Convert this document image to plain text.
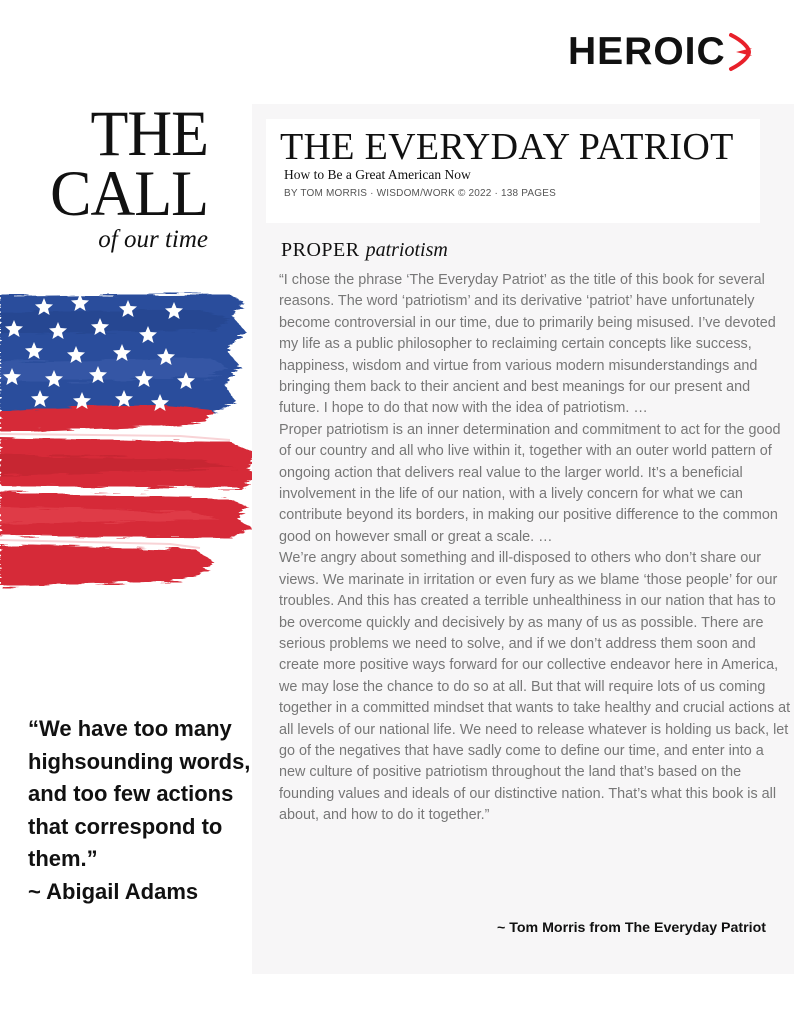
HEROIC
THE
CALL
of our time
THE EVERYDAY PATRIOT
How to Be a Great American Now
BY TOM MORRIS · WISDOM/WORK © 2022 · 138 PAGES
PROPER patriotism

“I chose the phrase ‘The Everyday Patriot’ as the title of this book for several reasons. The word ‘patriotism’ and its derivative ‘patriot’ have unfortunately become controversial in our time, due to primarily being misused. I’ve devoted my life as a public philosopher to reclaiming certain concepts like success, happiness, wisdom and virtue from various modern misunderstandings and bringing them back to their ancient and best meanings for our present and future. I hope to do that now with the idea of patriotism. …

Proper patriotism is an inner determination and commitment to act for the good of our country and all who live within it, together with an outer world pattern of ongoing action that delivers real value to the larger world. It’s a beneficial involvement in the life of our nation, with a lively concern for what we can contribute beyond its borders, in making our positive difference to the common good on however small or great a scale. …

We’re angry about something and ill-disposed to others who don’t share our views. We marinate in irritation or even fury as we blame ‘those people’ for our troubles. And this has created a terrible unhealthiness in our nation that has to be overcome quickly and decisively by as many of us as possible. There are serious problems we need to solve, and if we don’t address them soon and create more positive ways forward for our collective endeavor here in America, we may lose the chance to do so at all. But that will require lots of us coming together in a committed mindset that wants to take healthy and crucial actions at all levels of our national life. We need to release whatever is holding us back, let go of the negatives that have sadly come to define our time, and enter into a new culture of positive patriotism throughout the land that’s based on the founding values and ideals of our distinctive nation. That’s what this book is all about, and how to do it together.”

~ Tom Morris from The Everyday Patriot

“We have too many highsounding words, and too few actions that correspond to them.”

~ Abigail Adams
